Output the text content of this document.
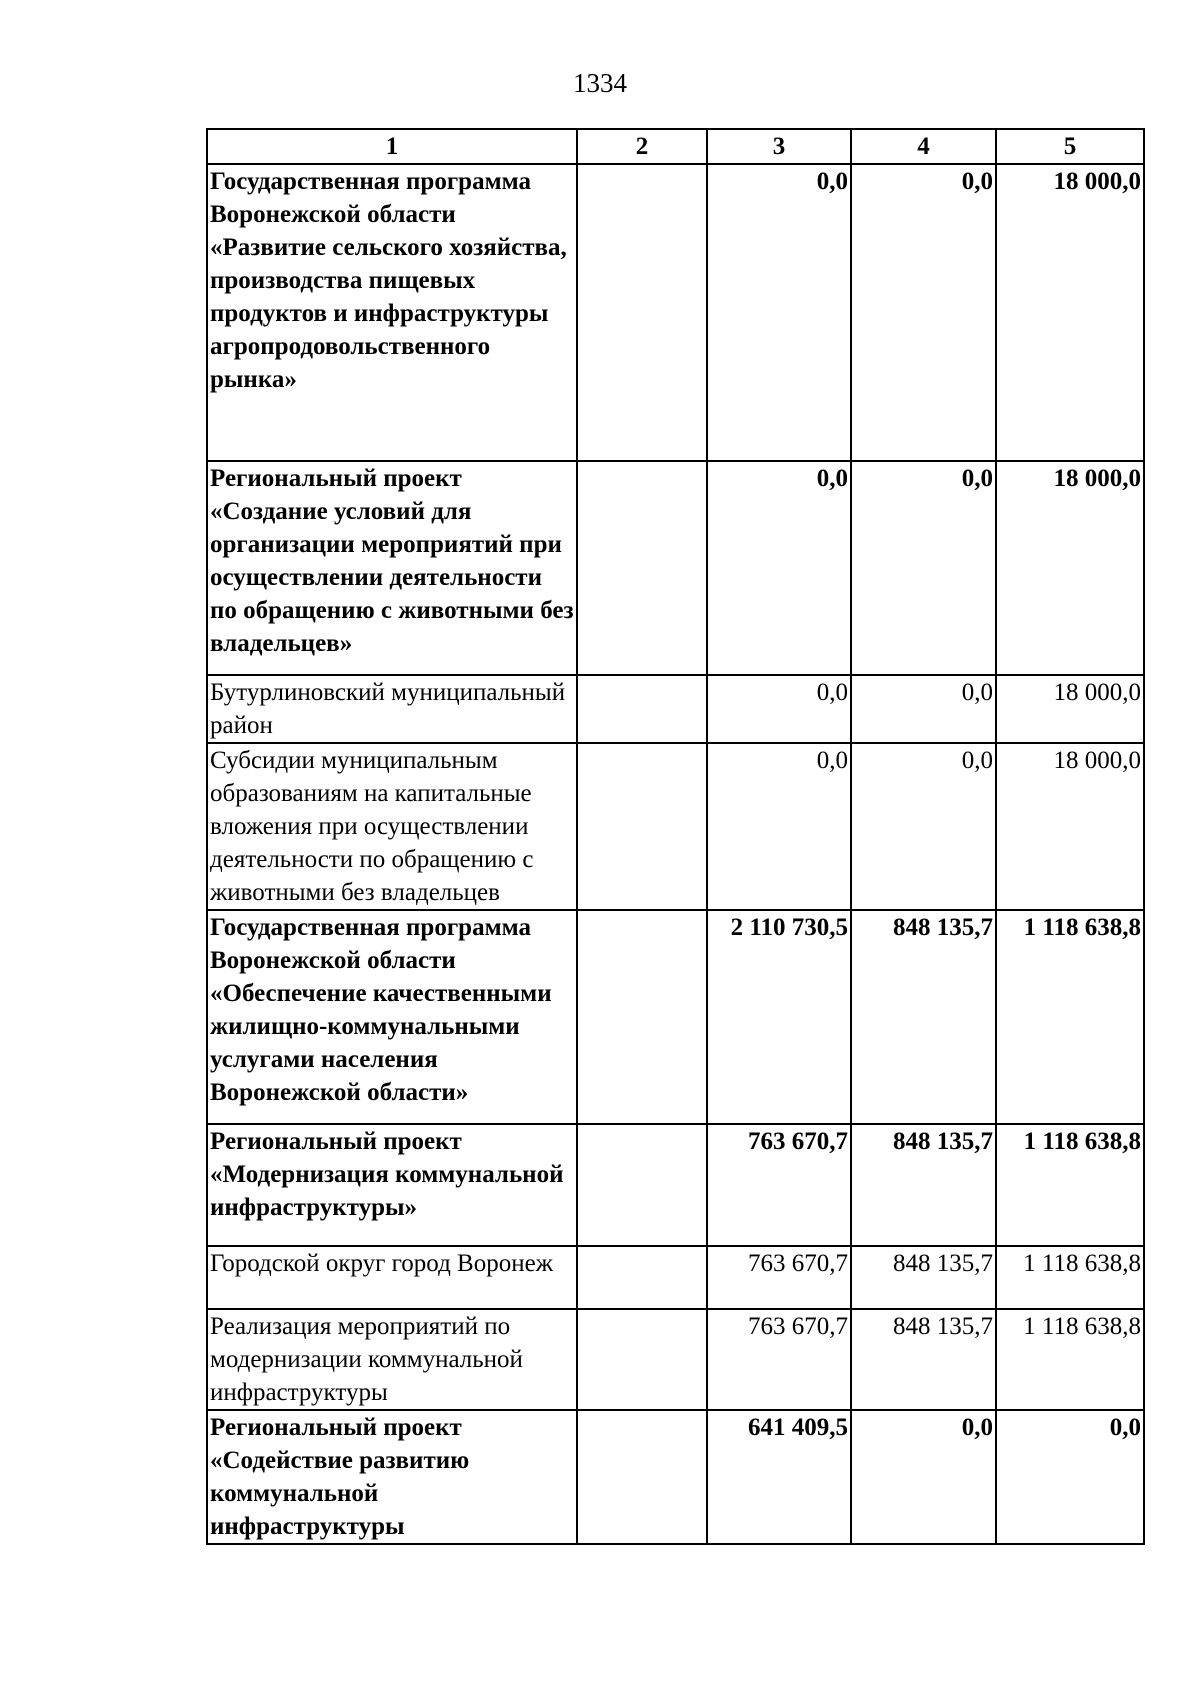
1334
1	2	3	4	5
Государственная программа Воронежской области «Развитие сельского хозяйства, производства пищевых продуктов и инфраструктуры агропродовольственного рынка»		0,0	0,0	18 000,0
Региональный проект «Создание условий для организации мероприятий при осуществлении деятельности по обращению с животными без владельцев»		0,0	0,0	18 000,0
Бутурлиновский муниципальный район		0,0	0,0	18 000,0
Субсидии муниципальным образованиям на капитальные вложения при осуществлении деятельности по обращению с животными без владельцев		0,0	0,0	18 000,0
Государственная программа Воронежской области «Обеспечение качественными жилищно-коммунальными услугами населения Воронежской области»		2 110 730,5	848 135,7	1 118 638,8
Региональный проект «Модернизация коммунальной инфраструктуры»		763 670,7	848 135,7	1 118 638,8
Городской округ город Воронеж		763 670,7	848 135,7	1 118 638,8
Реализация мероприятий по модернизации коммунальной инфраструктуры		763 670,7	848 135,7	1 118 638,8
Региональный проект «Содействие развитию коммунальной инфраструктуры		641 409,5	0,0	0,0
